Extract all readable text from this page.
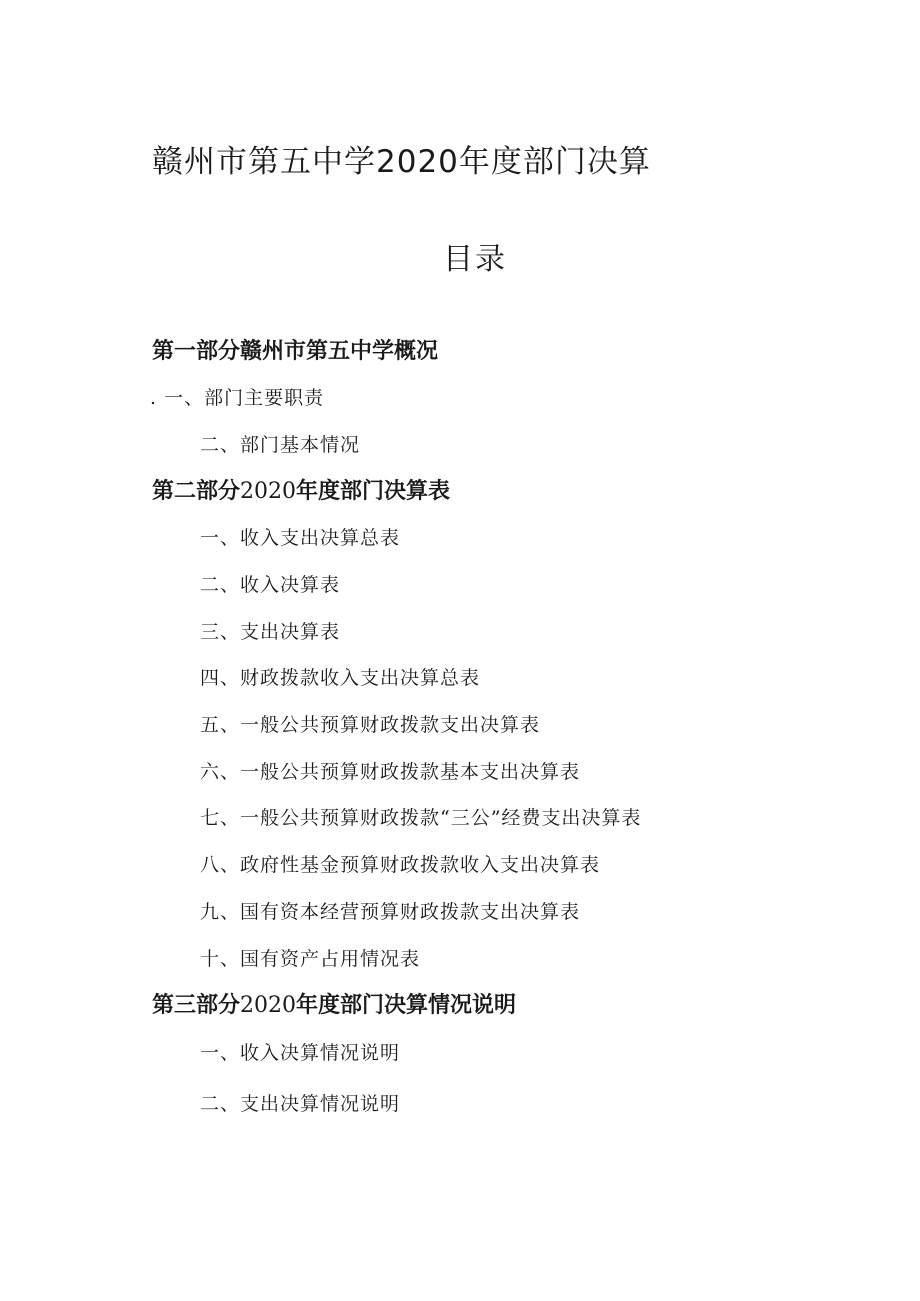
赣州市第五中学2020年度部门决算
目录
第一部分赣州市第五中学概况
. 一、部门主要职责
二、部门基本情况
第二部分2020年度部门决算表
一、收入支出决算总表
二、收入决算表
三、支出决算表
四、财政拨款收入支出决算总表
五、一般公共预算财政拨款支出决算表
六、一般公共预算财政拨款基本支出决算表
七、一般公共预算财政拨款“三公”经费支出决算表
八、政府性基金预算财政拨款收入支出决算表
九、国有资本经营预算财政拨款支出决算表
十、国有资产占用情况表
第三部分2020年度部门决算情况说明
一、收入决算情况说明
二、支出决算情况说明
